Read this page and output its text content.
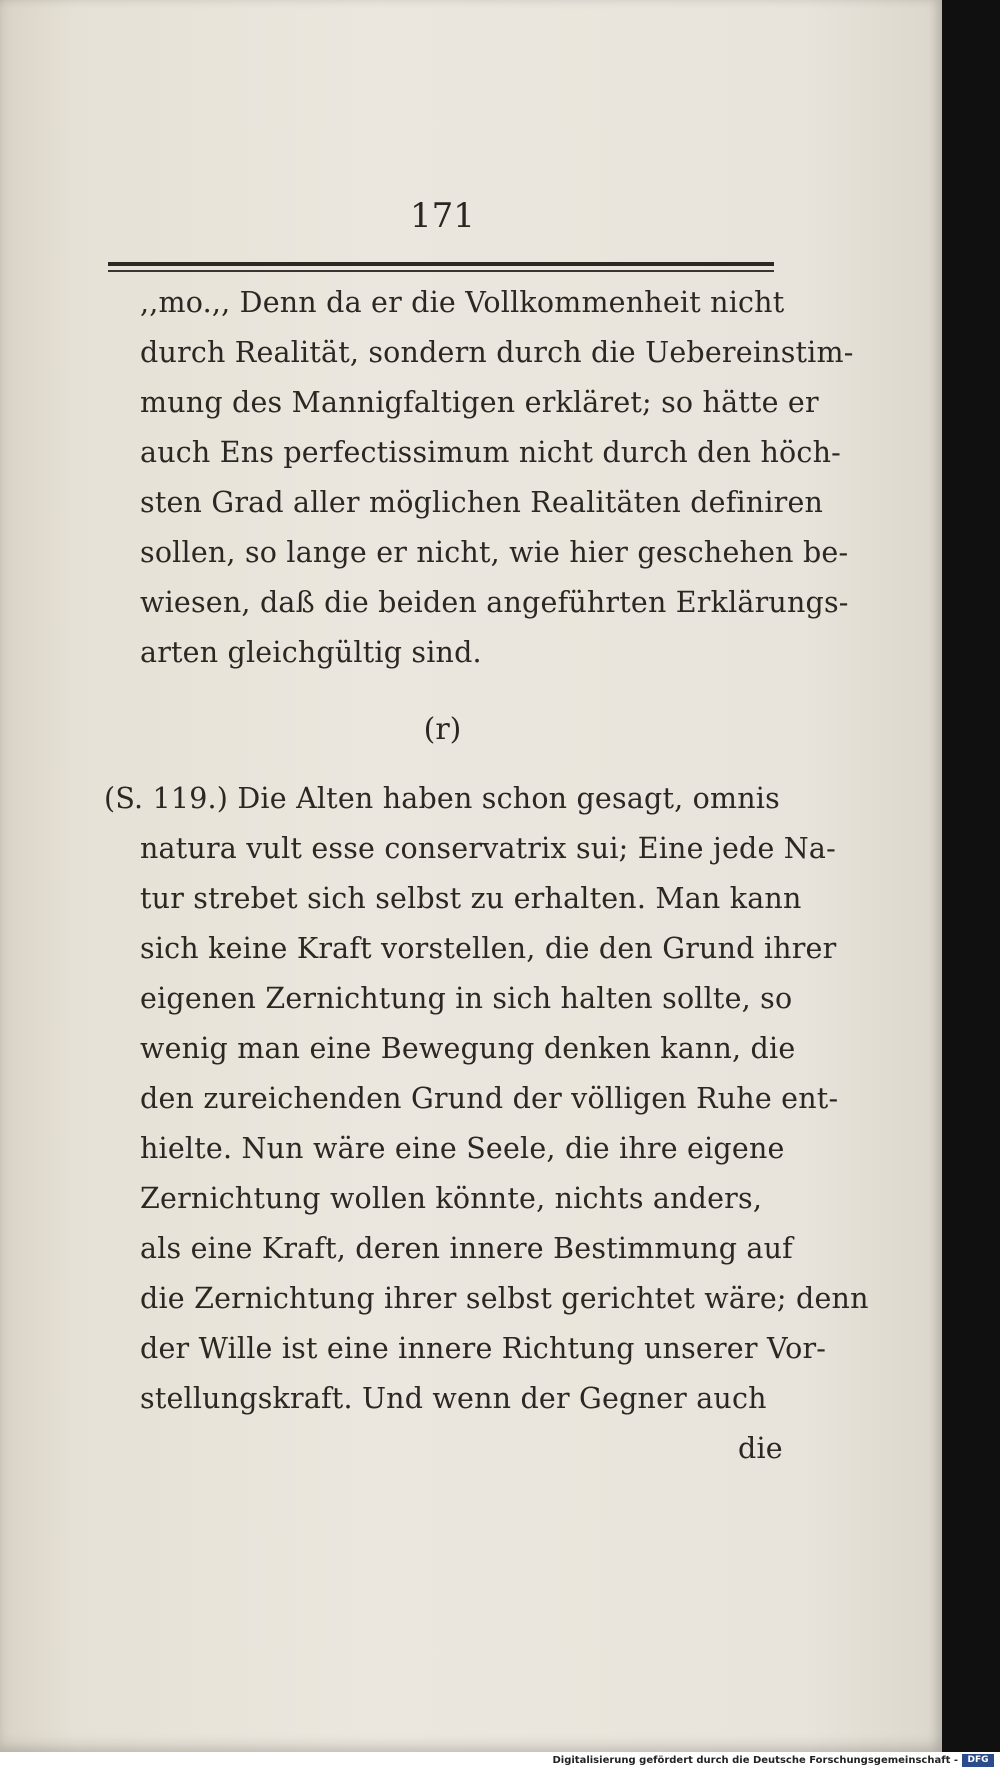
171
,,mo.,, Denn da er die Vollkommenheit nicht
durch Realität, sondern durch die Uebereinstim-
mung des Mannigfaltigen erkläret; so hätte er
auch Ens perfectissimum nicht durch den höch-
sten Grad aller möglichen Realitäten definiren
sollen, so lange er nicht, wie hier geschehen be-
wiesen, daß die beiden angeführten Erklärungs-
arten gleichgültig sind.
(r)
(S. 119.) Die Alten haben schon gesagt, omnis
natura vult esse conservatrix sui; Eine jede Na-
tur strebet sich selbst zu erhalten. Man kann
sich keine Kraft vorstellen, die den Grund ihrer
eigenen Zernichtung in sich halten sollte, so
wenig man eine Bewegung denken kann, die
den zureichenden Grund der völligen Ruhe ent-
hielte. Nun wäre eine Seele, die ihre eigene
Zernichtung wollen könnte, nichts anders,
als eine Kraft, deren innere Bestimmung auf
die Zernichtung ihrer selbst gerichtet wäre; denn
der Wille ist eine innere Richtung unserer Vor-
stellungskraft. Und wenn der Gegner auch
die
Digitalisierung gefördert durch die Deutsche Forschungsgemeinschaft -	DFG
